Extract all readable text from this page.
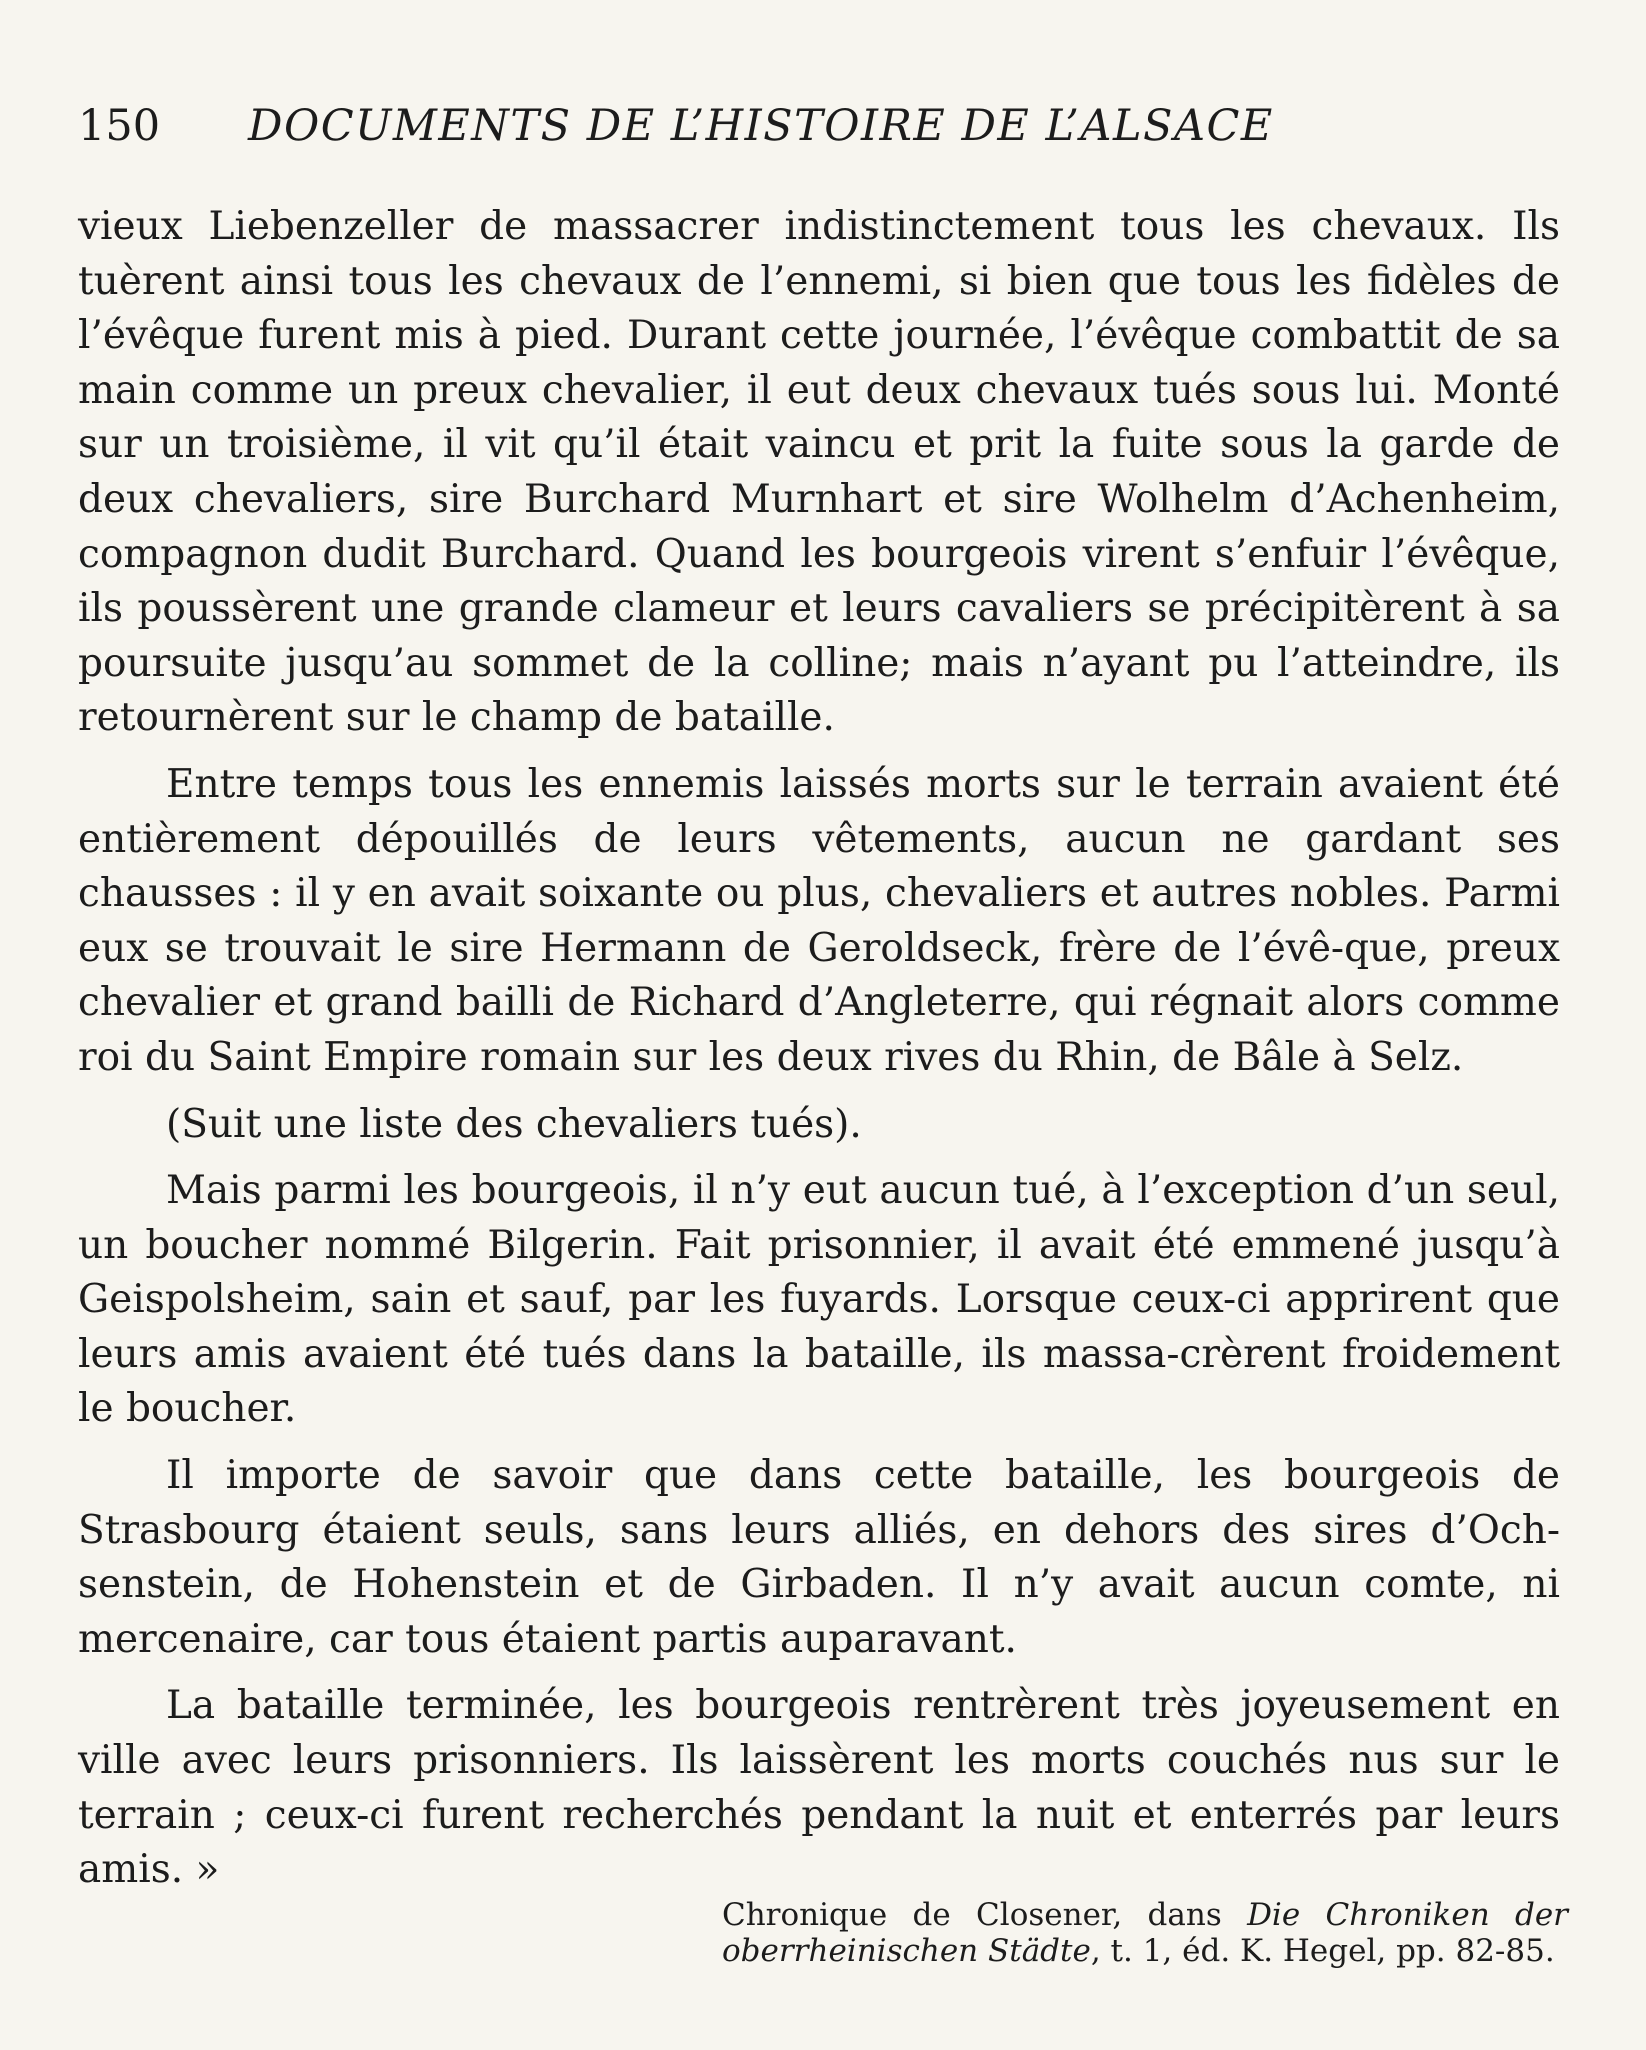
150 DOCUMENTS DE L’HISTOIRE DE L’ALSACE

vieux Liebenzeller de massacrer indistinctement tous les chevaux. Ils tuèrent ainsi tous les chevaux de l’ennemi, si bien que tous les fidèles de l’évêque furent mis à pied. Durant cette journée, l’évêque combattit de sa main comme un preux chevalier, il eut deux chevaux tués sous lui. Monté sur un troisième, il vit qu’il était vaincu et prit la fuite sous la garde de deux chevaliers, sire Burchard Murnhart et sire Wolhelm d’Achenheim, compagnon dudit Burchard. Quand les bourgeois virent s’enfuir l’évêque, ils poussèrent une grande clameur et leurs cavaliers se précipitèrent à sa poursuite jusqu’au sommet de la colline; mais n’ayant pu l’atteindre, ils retournèrent sur le champ de bataille.

Entre temps tous les ennemis laissés morts sur le terrain avaient été entièrement dépouillés de leurs vêtements, aucun ne gardant ses chausses : il y en avait soixante ou plus, chevaliers et autres nobles. Parmi eux se trouvait le sire Hermann de Geroldseck, frère de l’évê-que, preux chevalier et grand bailli de Richard d’Angleterre, qui régnait alors comme roi du Saint Empire romain sur les deux rives du Rhin, de Bâle à Selz.

(Suit une liste des chevaliers tués).

Mais parmi les bourgeois, il n’y eut aucun tué, à l’exception d’un seul, un boucher nommé Bilgerin. Fait prisonnier, il avait été emmené jusqu’à Geispolsheim, sain et sauf, par les fuyards. Lorsque ceux-ci apprirent que leurs amis avaient été tués dans la bataille, ils massa-crèrent froidement le boucher.

Il importe de savoir que dans cette bataille, les bourgeois de Strasbourg étaient seuls, sans leurs alliés, en dehors des sires d’Och-senstein, de Hohenstein et de Girbaden. Il n’y avait aucun comte, ni mercenaire, car tous étaient partis auparavant.

La bataille terminée, les bourgeois rentrèrent très joyeusement en ville avec leurs prisonniers. Ils laissèrent les morts couchés nus sur le terrain ; ceux-ci furent recherchés pendant la nuit et enterrés par leurs amis. »

Chronique de Closener, dans Die Chroniken der oberrheinischen Städte, t. 1, éd. K. Hegel, pp. 82-85.
